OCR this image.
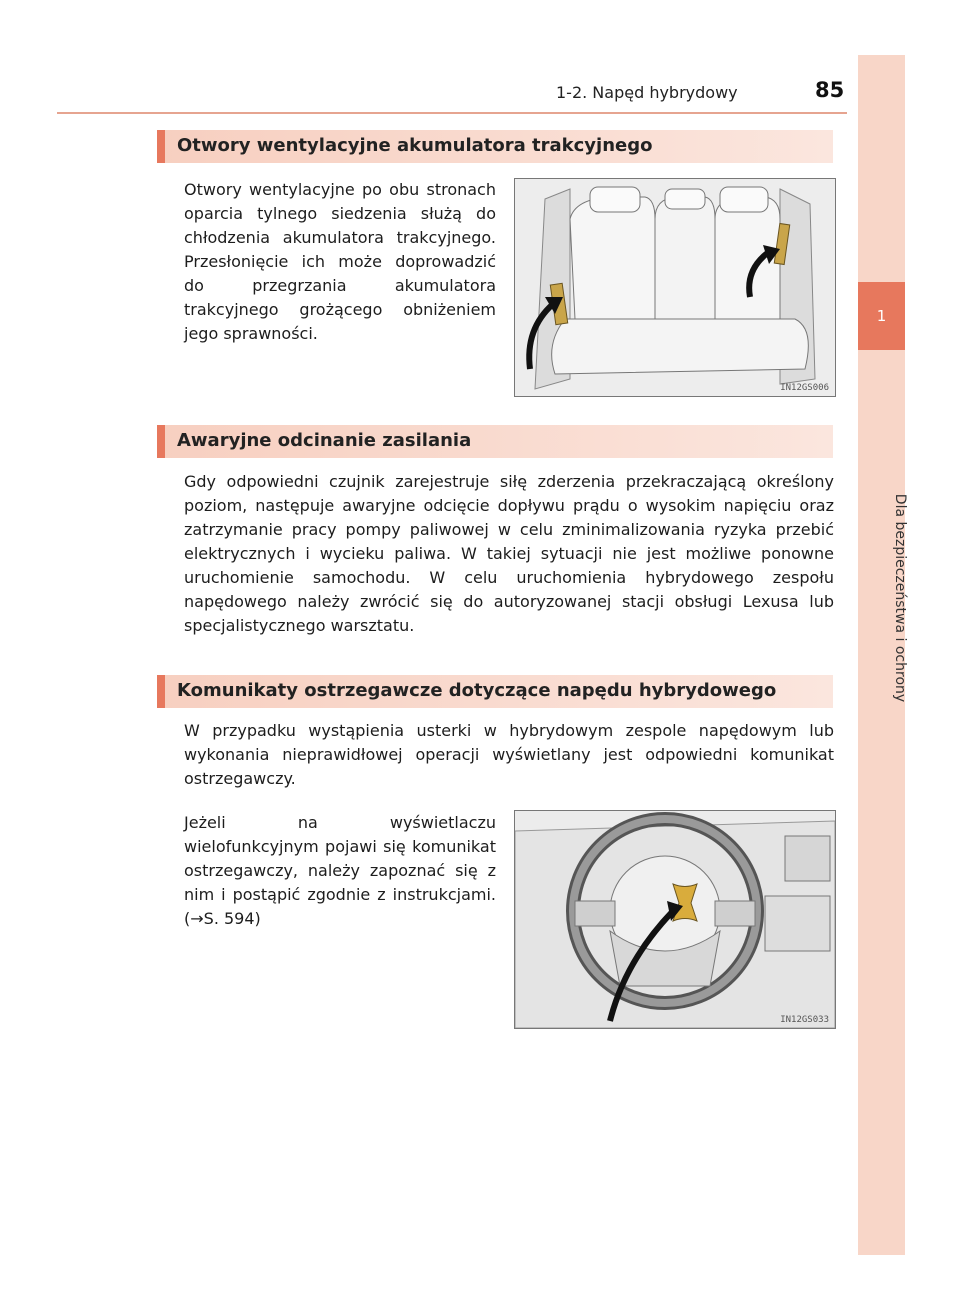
1-2. Napęd hybrydowy	85
1
Dla bezpieczeństwa i ochrony
Otwory wentylacyjne akumulatora trakcyjnego
Otwory wentylacyjne po obu stronach oparcia tylnego siedzenia służą do chłodzenia akumulatora trakcyjnego. Przesłonięcie ich może doprowadzić do przegrzania akumulatora trakcyjnego grożącego obniżeniem jego sprawności.
IN12GS006
Awaryjne odcinanie zasilania
Gdy odpowiedni czujnik zarejestruje siłę zderzenia przekraczającą określony poziom, następuje awaryjne odcięcie dopływu prądu o wysokim napięciu oraz zatrzymanie pracy pompy paliwowej w celu zminimalizowania ryzyka przebić elektrycznych i wycieku paliwa. W takiej sytuacji nie jest możliwe ponowne uruchomienie samochodu. W celu uruchomienia hybrydowego zespołu napędowego należy zwrócić się do autoryzowanej stacji obsługi Lexusa lub specjalistycznego warsztatu.
Komunikaty ostrzegawcze dotyczące napędu hybrydowego
W przypadku wystąpienia usterki w hybrydowym zespole napędowym lub wykonania nieprawidłowej operacji wyświetlany jest odpowiedni komunikat ostrzegawczy.
Jeżeli na wyświetlaczu wielofunkcyjnym pojawi się komunikat ostrzegawczy, należy zapoznać się z nim i postąpić zgodnie z instrukcjami. (→S. 594)
IN12GS033
